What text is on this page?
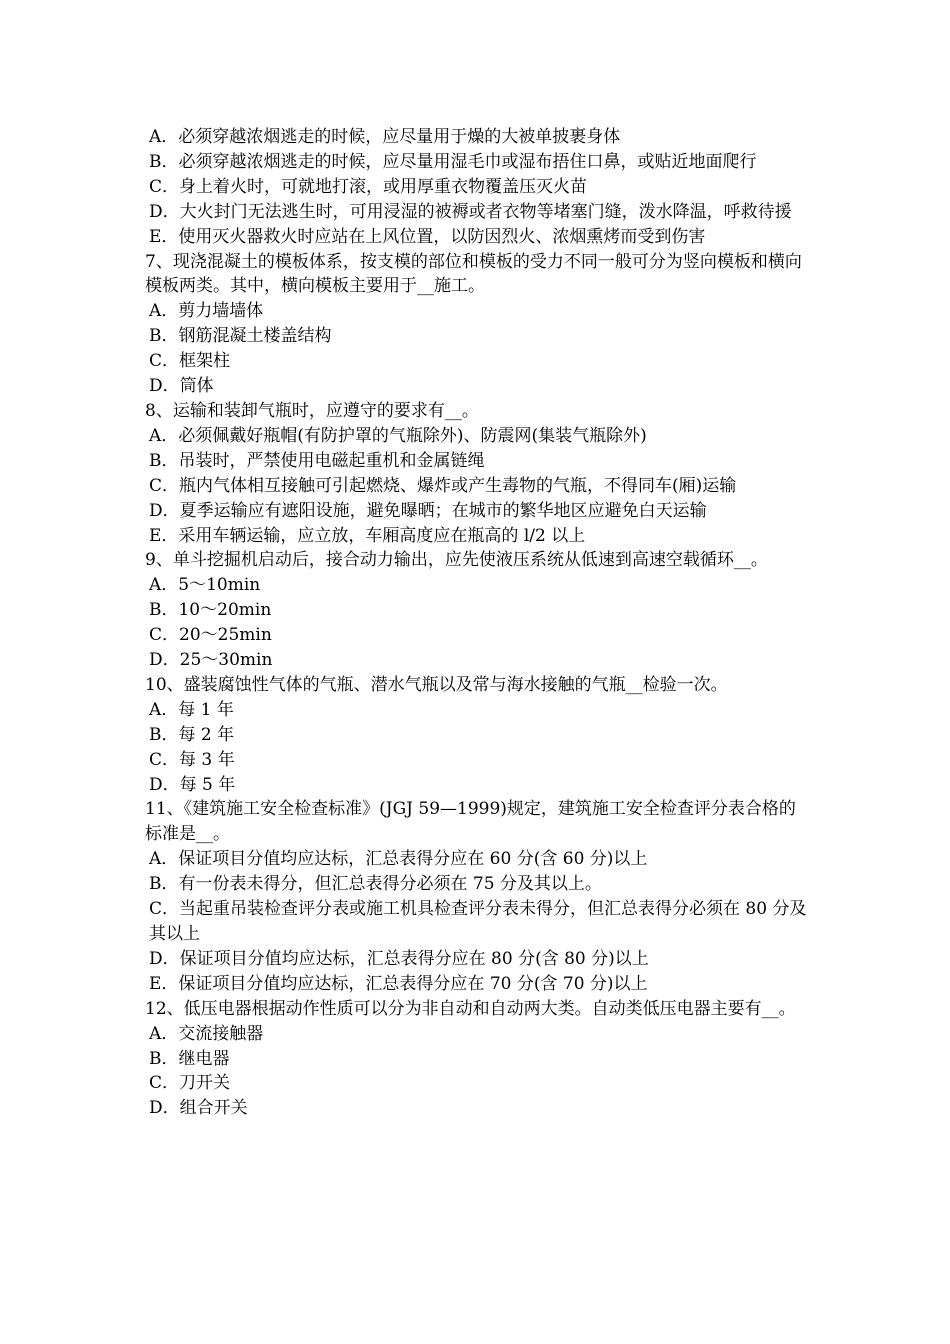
A．必须穿越浓烟逃走的时候，应尽量用于燥的大被单披裹身体

B．必须穿越浓烟逃走的时候，应尽量用湿毛巾或湿布捂住口鼻，或贴近地面爬行

C．身上着火时，可就地打滚，或用厚重衣物覆盖压灭火苗

D．大火封门无法逃生时，可用浸湿的被褥或者衣物等堵塞门缝，泼水降温，呼救待援

E．使用灭火器救火时应站在上风位置，以防因烈火、浓烟熏烤而受到伤害

7、现浇混凝土的模板体系，按支模的部位和模板的受力不同一般可分为竖向模板和横向模板两类。其中，横向模板主要用于__施工。

A．剪力墙墙体

B．钢筋混凝土楼盖结构

C．框架柱

D．筒体

8、运输和装卸气瓶时，应遵守的要求有__。

A．必须佩戴好瓶帽(有防护罩的气瓶除外)、防震网(集装气瓶除外)

B．吊装时，严禁使用电磁起重机和金属链绳

C．瓶内气体相互接触可引起燃烧、爆炸或产生毒物的气瓶，不得同车(厢)运输

D．夏季运输应有遮阳设施，避免曝晒；在城市的繁华地区应避免白天运输

E．采用车辆运输，应立放，车厢高度应在瓶高的 l/2 以上

9、单斗挖掘机启动后，接合动力输出，应先使液压系统从低速到高速空载循环__。

A．5～10min

B．10～20min

C．20～25min

D．25～30min

10、盛装腐蚀性气体的气瓶、潜水气瓶以及常与海水接触的气瓶__检验一次。

A．每 1 年

B．每 2 年

C．每 3 年

D．每 5 年

11、《建筑施工安全检查标准》(JGJ 59—1999)规定，建筑施工安全检查评分表合格的标准是__。

A．保证项目分值均应达标，汇总表得分应在 60 分(含 60 分)以上

B．有一份表未得分，但汇总表得分必须在 75 分及其以上。

C．当起重吊装检查评分表或施工机具检查评分表未得分，但汇总表得分必须在 80 分及其以上

D．保证项目分值均应达标，汇总表得分应在 80 分(含 80 分)以上

E．保证项目分值均应达标，汇总表得分应在 70 分(含 70 分)以上

12、低压电器根据动作性质可以分为非自动和自动两大类。自动类低压电器主要有__。

A．交流接触器

B．继电器

C．刀开关

D．组合开关
